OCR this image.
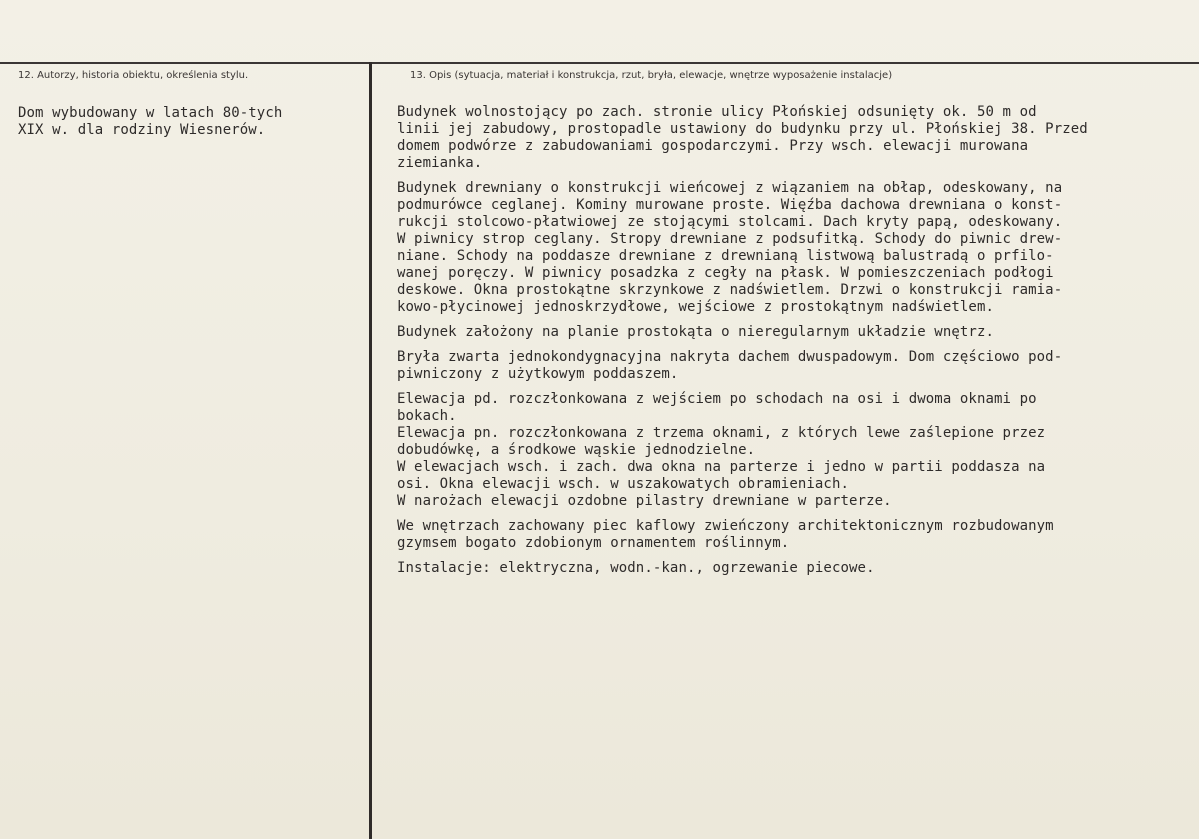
12. Autorzy, historia obiektu, określenia stylu.	13. Opis (sytuacja, materiał i konstrukcja, rzut, bryła, elewacje, wnętrze wyposażenie instalacje)
Dom wybudowany w latach 80-tych
XIX w. dla rodziny Wiesnerów.
Budynek wolnostojący po zach. stronie ulicy Płońskiej odsunięty ok. 50 m od
linii jej zabudowy, prostopadle ustawiony do budynku przy ul. Płońskiej 38. Przed
domem podwórze z zabudowaniami gospodarczymi. Przy wsch. elewacji murowana
ziemianka.
Budynek drewniany o konstrukcji wieńcowej z wiązaniem na obłap, odeskowany, na
podmurówce ceglanej. Kominy murowane proste. Więźba dachowa drewniana o konst-
rukcji stolcowo-płatwiowej ze stojącymi stolcami. Dach kryty papą, odeskowany.
W piwnicy strop ceglany. Stropy drewniane z podsufitką. Schody do piwnic drew-
niane. Schody na poddasze drewniane z drewnianą listwową balustradą o prfilo-
wanej poręczy. W piwnicy posadzka z cegły na płask. W pomieszczeniach podłogi
deskowe. Okna prostokątne skrzynkowe z nadświetlem. Drzwi o konstrukcji ramia-
kowo-płycinowej jednoskrzydłowe, wejściowe z prostokątnym nadświetlem.
Budynek założony na planie prostokąta o nieregularnym układzie wnętrz.
Bryła zwarta jednokondygnacyjna nakryta dachem dwuspadowym. Dom częściowo pod-
piwniczony z użytkowym poddaszem.
Elewacja pd. rozczłonkowana z wejściem po schodach na osi i dwoma oknami po
bokach.
Elewacja pn. rozczłonkowana z trzema oknami, z których lewe zaślepione przez
dobudówkę, a środkowe wąskie jednodzielne.
W elewacjach wsch. i zach. dwa okna na parterze i jedno w partii poddasza na
osi. Okna elewacji wsch. w uszakowatych obramieniach.
W narożach elewacji ozdobne pilastry drewniane w parterze.
We wnętrzach zachowany piec kaflowy zwieńczony architektonicznym rozbudowanym
gzymsem bogato zdobionym ornamentem roślinnym.
Instalacje: elektryczna, wodn.-kan., ogrzewanie piecowe.
